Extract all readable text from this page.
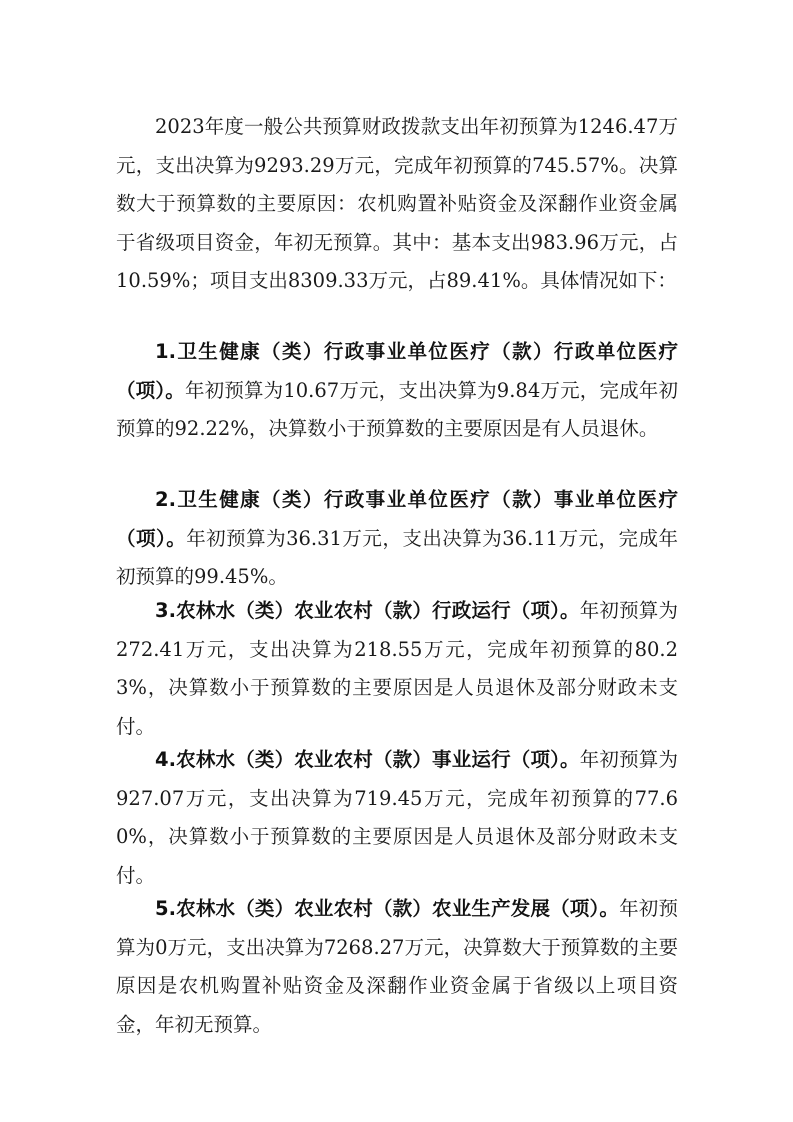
2023年度一般公共预算财政拨款支出年初预算为1246.47万元，支出决算为9293.29万元，完成年初预算的745.57%。决算数大于预算数的主要原因：农机购置补贴资金及深翻作业资金属于省级项目资金，年初无预算。其中：基本支出983.96万元，占10.59%；项目支出8309.33万元，占89.41%。具体情况如下：

1.卫生健康（类）行政事业单位医疗（款）行政单位医疗（项）。年初预算为10.67万元，支出决算为9.84万元，完成年初预算的92.22%，决算数小于预算数的主要原因是有人员退休。

2.卫生健康（类）行政事业单位医疗（款）事业单位医疗（项）。年初预算为36.31万元，支出决算为36.11万元，完成年初预算的99.45%。

3.农林水（类）农业农村（款）行政运行（项）。年初预算为272.41万元，支出决算为218.55万元，完成年初预算的80.23%，决算数小于预算数的主要原因是人员退休及部分财政未支付。

4.农林水（类）农业农村（款）事业运行（项）。年初预算为927.07万元，支出决算为719.45万元，完成年初预算的77.60%，决算数小于预算数的主要原因是人员退休及部分财政未支付。

5.农林水（类）农业农村（款）农业生产发展（项）。年初预算为0万元，支出决算为7268.27万元，决算数大于预算数的主要原因是农机购置补贴资金及深翻作业资金属于省级以上项目资金，年初无预算。
